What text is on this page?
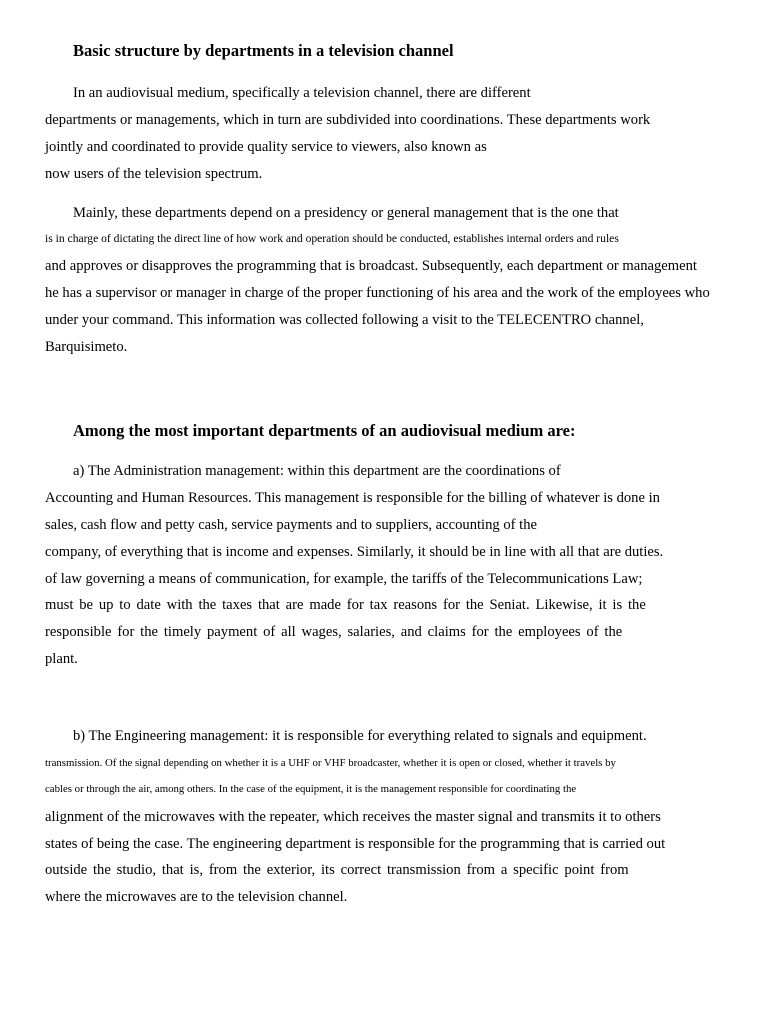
Basic structure by departments in a television channel
In an audiovisual medium, specifically a television channel, there are different
departments or managements, which in turn are subdivided into coordinations. These departments work
jointly and coordinated to provide quality service to viewers, also known as
now users of the television spectrum.
Mainly, these departments depend on a presidency or general management that is the one that
is in charge of dictating the direct line of how work and operation should be conducted, establishes internal orders and rules
and approves or disapproves the programming that is broadcast. Subsequently, each department or management
he has a supervisor or manager in charge of the proper functioning of his area and the work of the employees who
under your command. This information was collected following a visit to the TELECENTRO channel,
Barquisimeto.
Among the most important departments of an audiovisual medium are:
a) The Administration management: within this department are the coordinations of
Accounting and Human Resources. This management is responsible for the billing of whatever is done in
sales, cash flow and petty cash, service payments and to suppliers, accounting of the
company, of everything that is income and expenses. Similarly, it should be in line with all that are duties.
of law governing a means of communication, for example, the tariffs of the Telecommunications Law;
must be up to date with the taxes that are made for tax reasons for the Seniat. Likewise, it is the
responsible for the timely payment of all wages, salaries, and claims for the employees of the
plant.
b) The Engineering management: it is responsible for everything related to signals and equipment.
transmission. Of the signal depending on whether it is a UHF or VHF broadcaster, whether it is open or closed, whether it travels by
cables or through the air, among others. In the case of the equipment, it is the management responsible for coordinating the
alignment of the microwaves with the repeater, which receives the master signal and transmits it to others
states of being the case. The engineering department is responsible for the programming that is carried out
outside the studio, that is, from the exterior, its correct transmission from a specific point from
where the microwaves are to the television channel.
